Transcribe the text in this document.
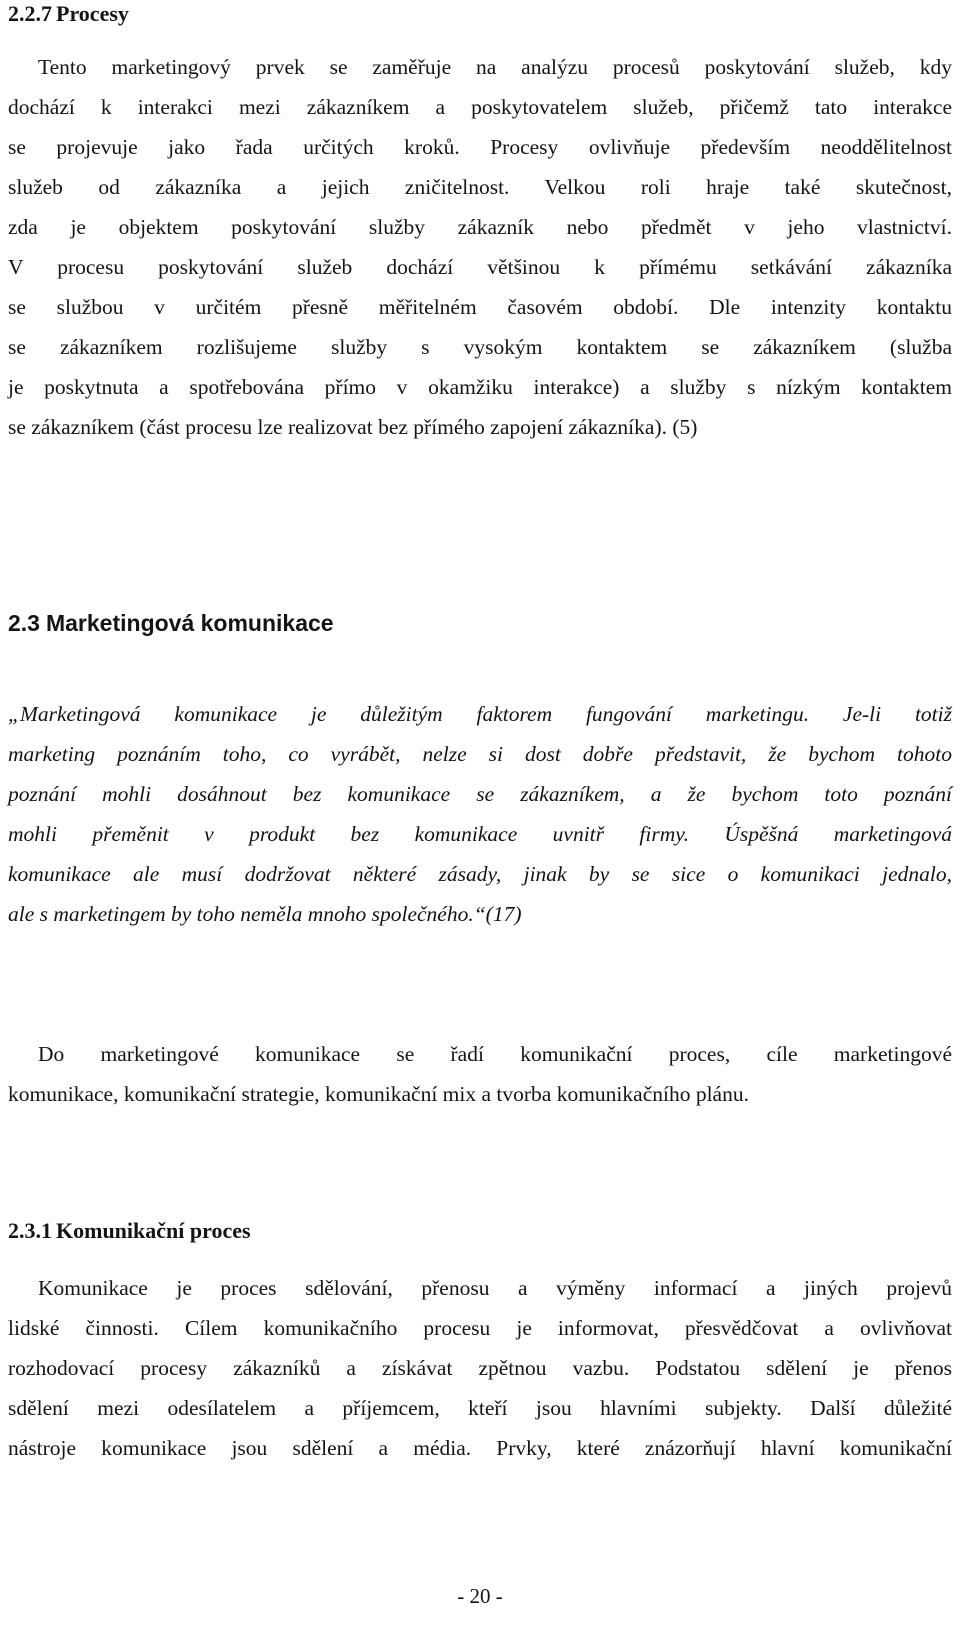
2.2.7 Procesy
Tento marketingový prvek se zaměřuje na analýzu procesů poskytování služeb, kdy
dochází k interakci mezi zákazníkem a poskytovatelem služeb, přičemž tato interakce
se projevuje jako řada určitých kroků. Procesy ovlivňuje především neoddělitelnost
služeb od zákazníka a jejich zničitelnost. Velkou roli hraje také skutečnost,
zda je objektem poskytování služby zákazník nebo předmět v jeho vlastnictví.
V procesu poskytování služeb dochází většinou k přímému setkávání zákazníka
se službou v určitém přesně měřitelném časovém období. Dle intenzity kontaktu
se zákazníkem rozlišujeme služby s vysokým kontaktem se zákazníkem (služba
je poskytnuta a spotřebována přímo v okamžiku interakce) a služby s nízkým kontaktem
se zákazníkem (část procesu lze realizovat bez přímého zapojení zákazníka). (5)
2.3 Marketingová komunikace
„Marketingová komunikace je důležitým faktorem fungování marketingu. Je-li totiž
marketing poznáním toho, co vyrábět, nelze si dost dobře představit, že bychom tohoto
poznání mohli dosáhnout bez komunikace se zákazníkem, a že bychom toto poznání
mohli přeměnit v produkt bez komunikace uvnitř firmy. Úspěšná marketingová
komunikace ale musí dodržovat některé zásady, jinak by se sice o komunikaci jednalo,
ale s marketingem by toho neměla mnoho společného.“(17)
Do marketingové komunikace se řadí komunikační proces, cíle marketingové
komunikace, komunikační strategie, komunikační mix a tvorba komunikačního plánu.
2.3.1 Komunikační proces
Komunikace je proces sdělování, přenosu a výměny informací a jiných projevů
lidské činnosti. Cílem komunikačního procesu je informovat, přesvědčovat a ovlivňovat
rozhodovací procesy zákazníků a získávat zpětnou vazbu. Podstatou sdělení je přenos
sdělení mezi odesílatelem a příjemcem, kteří jsou hlavními subjekty. Další důležité
nástroje komunikace jsou sdělení a média. Prvky, které znázorňují hlavní komunikační
- 20 -
